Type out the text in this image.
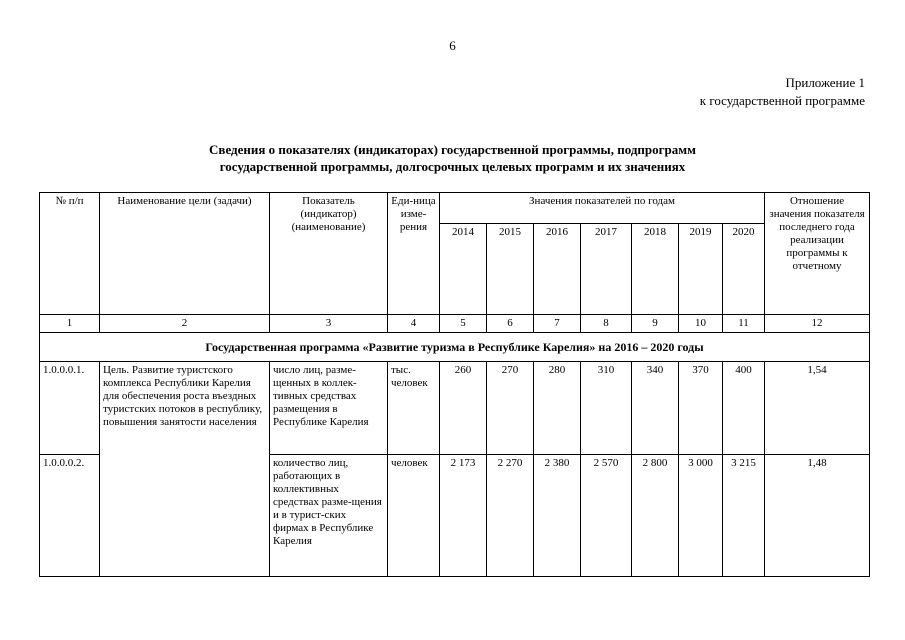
6
Приложение 1
к государственной программе
Сведения о показателях (индикаторах) государственной программы, подпрограмм
государственной программы, долгосрочных целевых программ и их значениях
№ п/п	Наименование цели (задачи)	Показатель (индикатор) (наименование)	Еди-ница изме-рения	Значения показателей по годам							Отношение значения показателя последнего года реализации программы к отчетному
				2014	2015	2016	2017	2018	2019	2020	
1	2	3	4	5	6	7	8	9	10	11	12
Государственная программа «Развитие туризма в Республике Карелия» на 2016 – 2020 годы											
1.0.0.0.1.	Цель. Развитие туристского комплекса Республики Карелия для обеспечения роста въездных туристских потоков в республику, повышения занятости населения	число лиц, разме-щенных в коллек-тивных средствах размещения в Республике Карелия	тыс. человек	260	270	280	310	340	370	400	1,54
1.0.0.0.2.		количество лиц, работающих в коллективных средствах разме-щения и в турист-ских фирмах в Республике Карелия	человек	2 173	2 270	2 380	2 570	2 800	3 000	3 215	1,48
